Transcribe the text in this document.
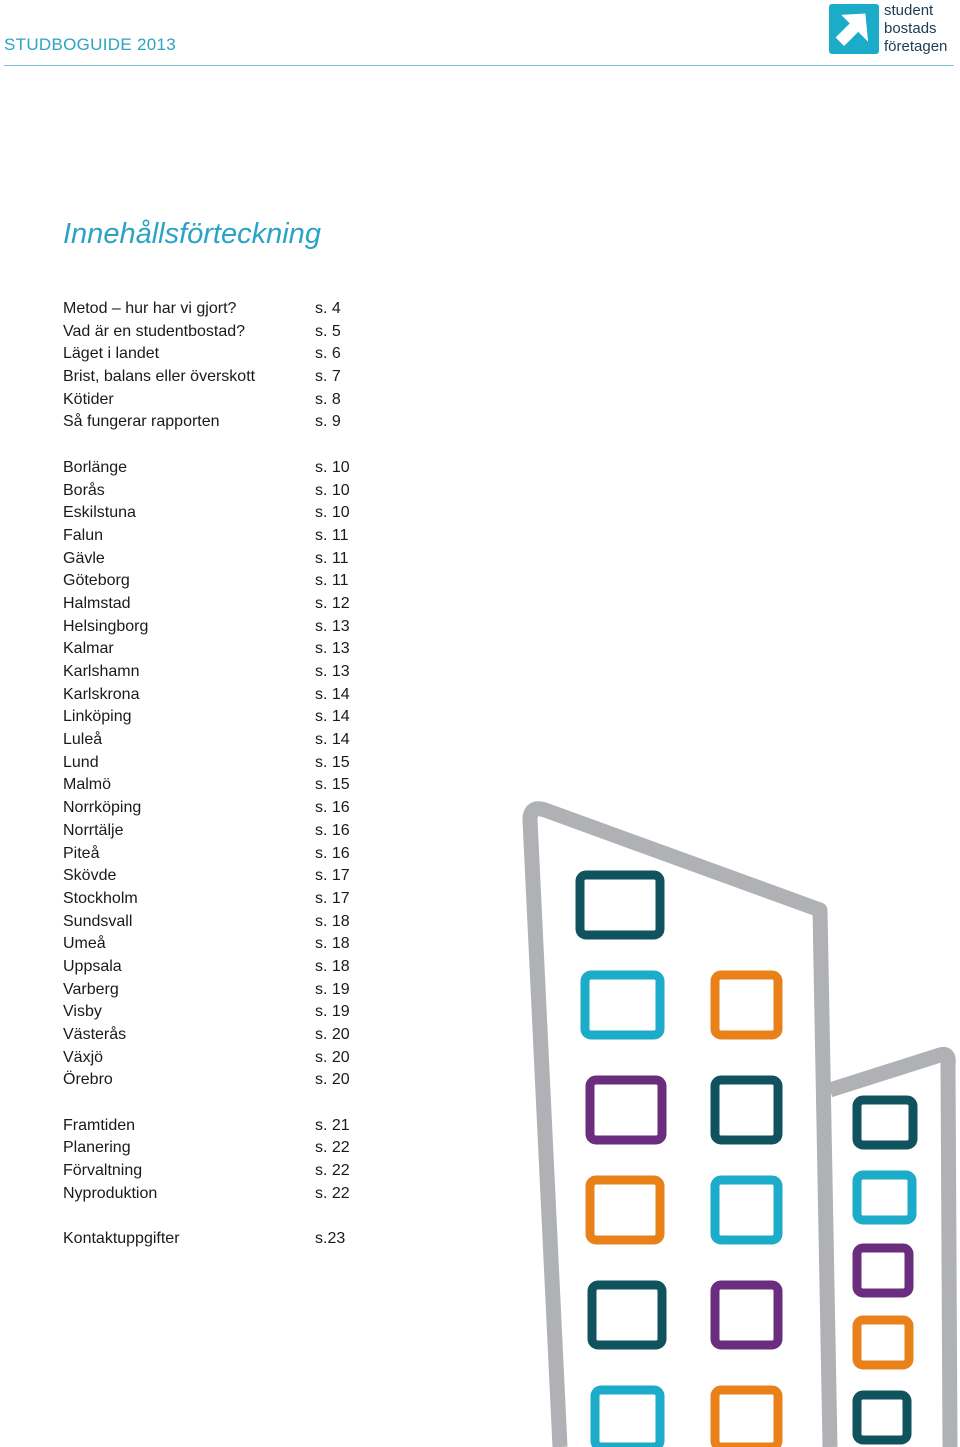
STUDBOGUIDE 2013
student
bostads
företagen
Innehållsförteckning
Metod – hur har vi gjort?	s. 4
Vad är en studentbostad?	s. 5
Läget i landet	s. 6
Brist, balans eller överskott	s. 7
Kötider	s. 8
Så fungerar rapporten	s. 9
Borlänge	s. 10
Borås	s. 10
Eskilstuna	s. 10
Falun	s. 11
Gävle	s. 11
Göteborg	s. 11
Halmstad	s. 12
Helsingborg	s. 13
Kalmar	s. 13
Karlshamn	s. 13
Karlskrona	s. 14
Linköping	s. 14
Luleå	s. 14
Lund	s. 15
Malmö	s. 15
Norrköping	s. 16
Norrtälje	s. 16
Piteå	s. 16
Skövde	s. 17
Stockholm	s. 17
Sundsvall	s. 18
Umeå	s. 18
Uppsala	s. 18
Varberg	s. 19
Visby	s. 19
Västerås	s. 20
Växjö	s. 20
Örebro	s. 20
Framtiden	s. 21
Planering	s. 22
Förvaltning	s. 22
Nyproduktion	s. 22
Kontaktuppgifter	s.23
